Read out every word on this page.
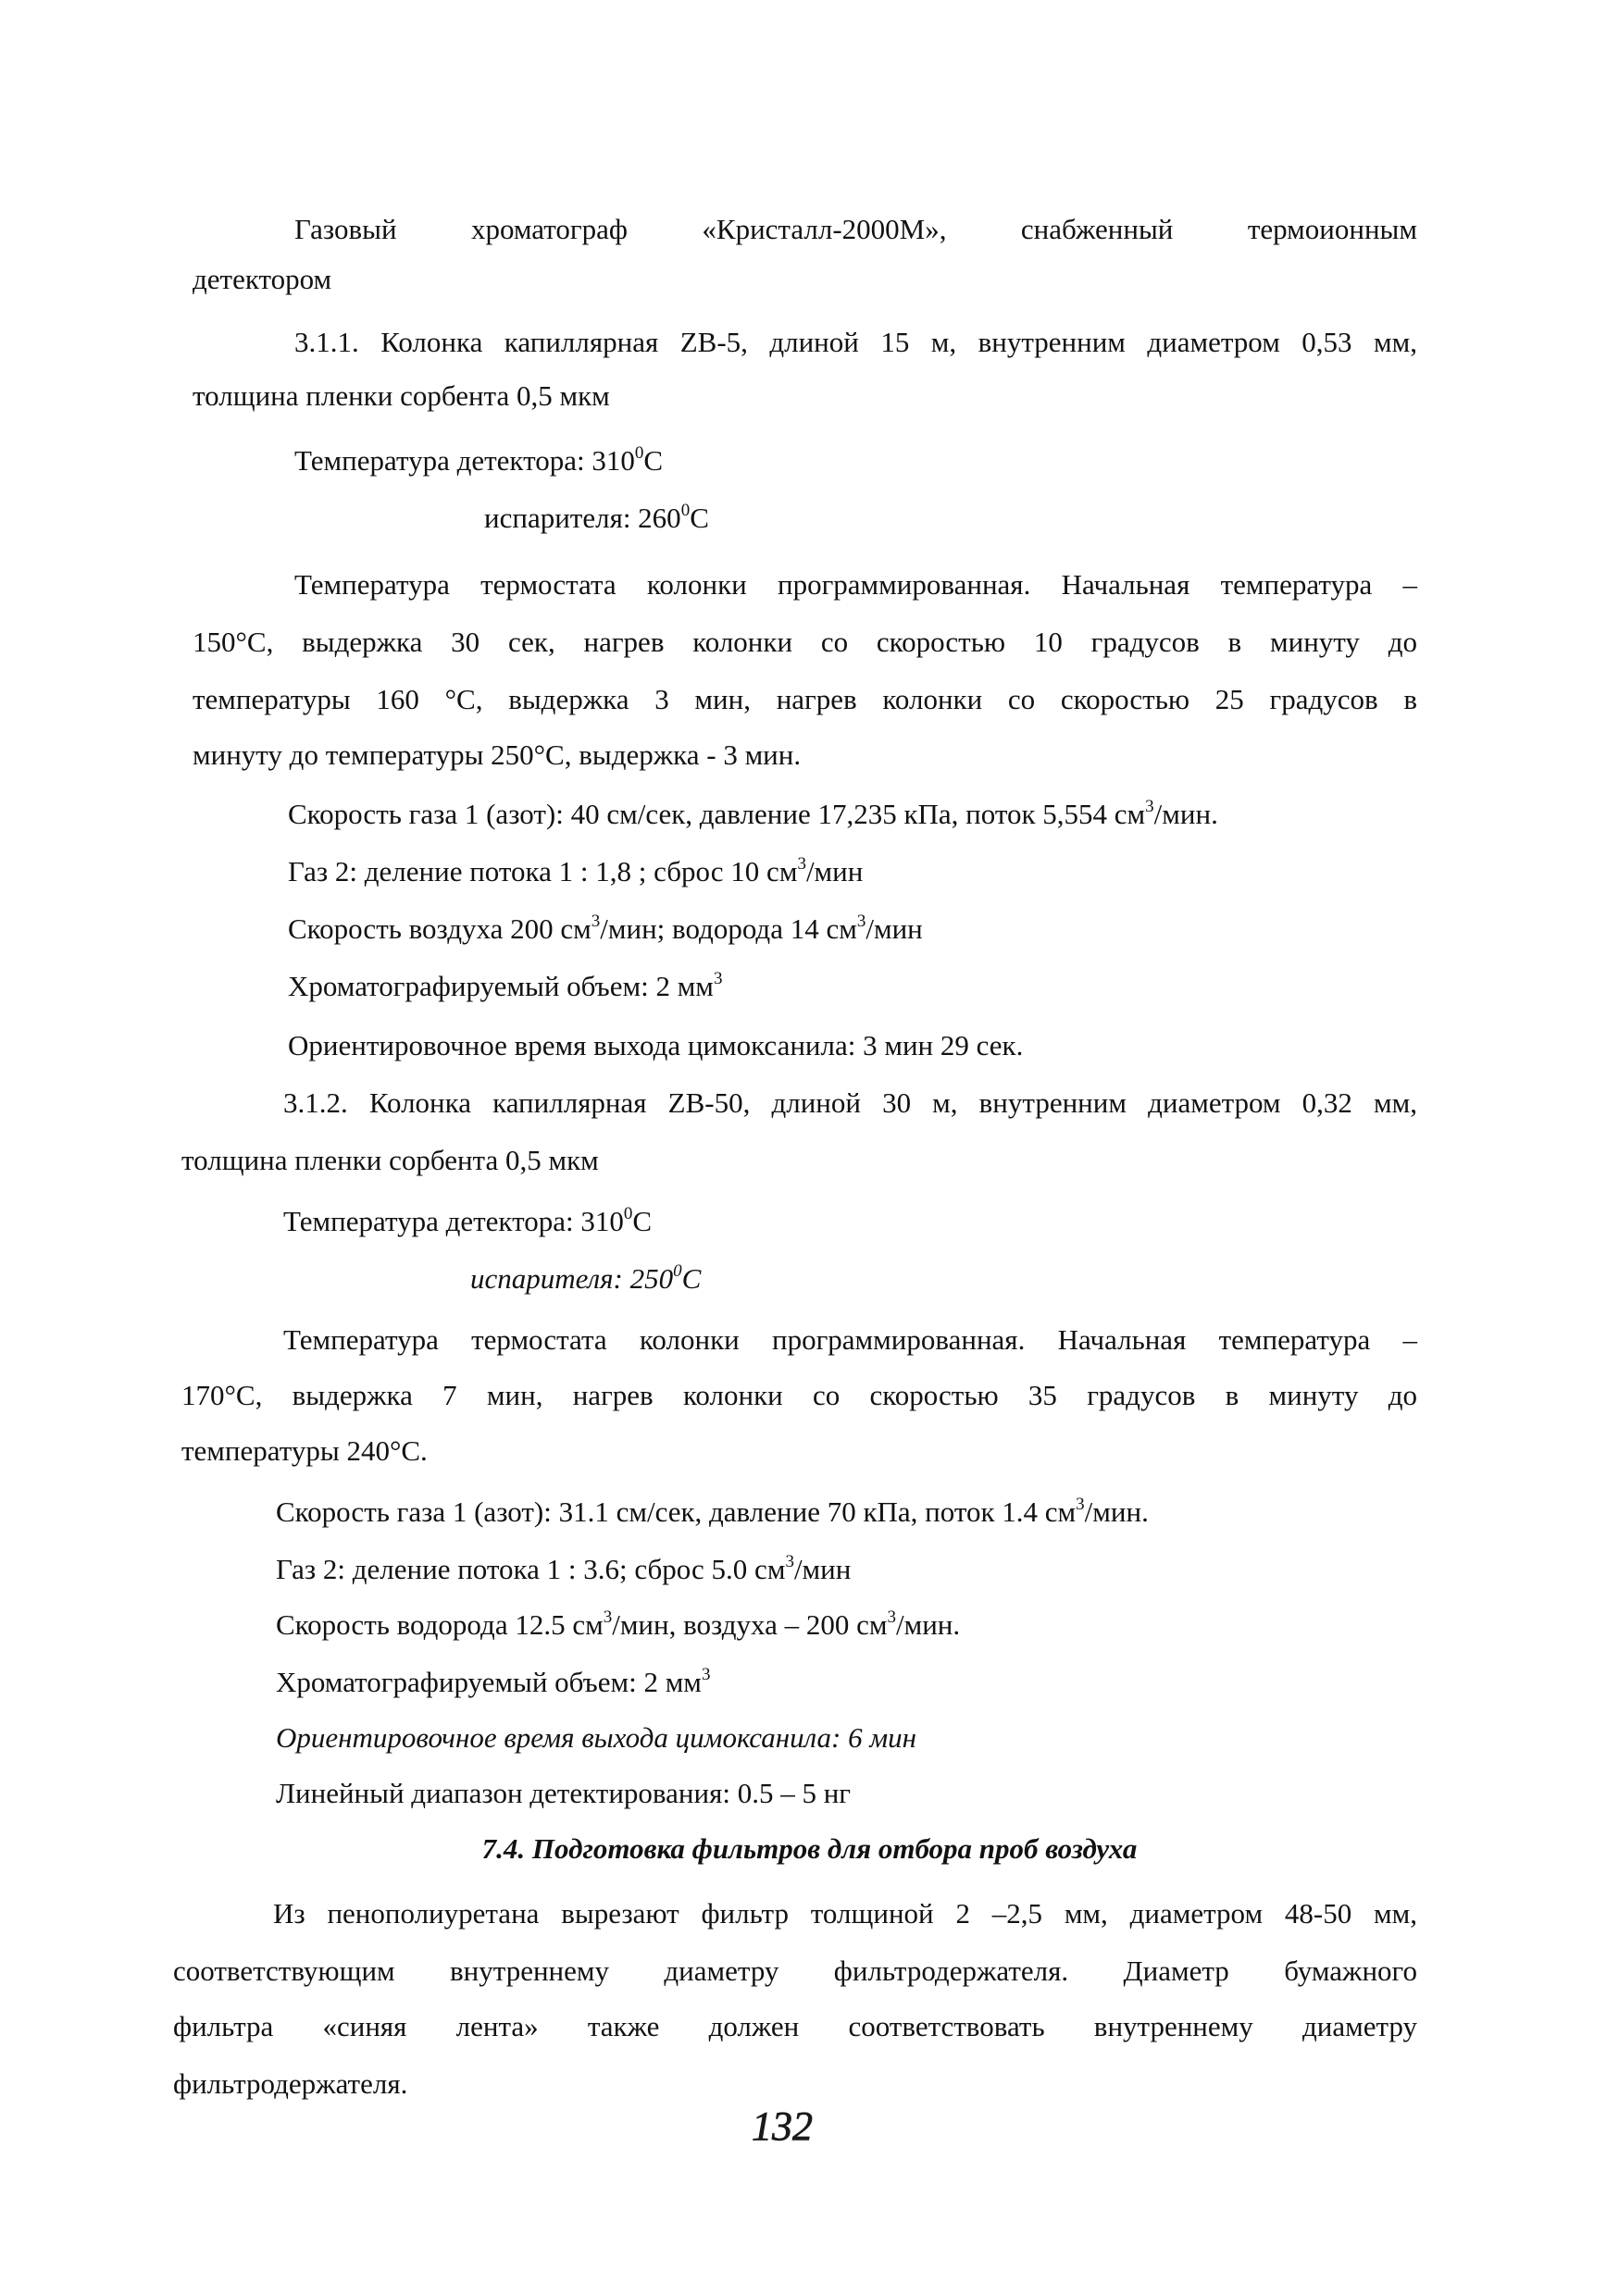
Газовый	хроматограф	«Кристалл-2000М»,	снабженный	термоионным

детектором

3.1.1. Колонка капиллярная ZB-5, длиной 15 м, внутренним диаметром 0,53 мм,

толщина пленки сорбента 0,5 мкм

Температура детектора: $310^0С$

испарителя: $260^0С$

Температура термостата колонки программированная. Начальная температура –

150°С, выдержка 30 сек, нагрев колонки со скоростью 10 градусов в минуту до

температуры 160 °С, выдержка 3 мин, нагрев колонки со скоростью 25 градусов в

минуту до температуры 250°С, выдержка - 3 мин.

Скорость газа 1 (азот): 40 см/сек, давление 17,235 кПа, поток 5,554 $см^3$/мин.

Газ 2: деление потока 1 : 1,8 ; сброс 10 $см^3$/мин

Скорость воздуха 200 $см^3$/мин; водорода 14 $см^3$/мин

Хроматографируемый объем: 2 $мм^3$

Ориентировочное время выхода цимоксанила: 3 мин 29 сек.

3.1.2. Колонка капиллярная ZB-50, длиной 30 м, внутренним диаметром 0,32 мм,

толщина пленки сорбента 0,5 мкм

Температура детектора: $310^0С$

испарителя: $250^0С$

Температура термостата колонки программированная. Начальная температура –

170°С, выдержка 7 мин, нагрев колонки со скоростью 35 градусов в минуту до

температуры 240°С.

Скорость газа 1 (азот): 31.1 см/сек, давление 70 кПа, поток 1.4 $см^3$/мин.

Газ 2: деление потока 1 : 3.6; сброс 5.0 $см^3$/мин

Скорость водорода 12.5 $см^3$/мин, воздуха – 200 $см^3$/мин.

Хроматографируемый объем: 2 $мм^3$

Ориентировочное время выхода цимоксанила: 6 мин

Линейный диапазон детектирования: 0.5 – 5 нг

7.4. Подготовка фильтров для отбора проб воздуха

Из пенополиуретана вырезают фильтр толщиной 2 –2,5 мм, диаметром 48-50 мм,

соответствующим внутреннему диаметру фильтродержателя. Диаметр бумажного

фильтра «синяя лента» также должен соответствовать внутреннему диаметру

фильтродержателя.

132
